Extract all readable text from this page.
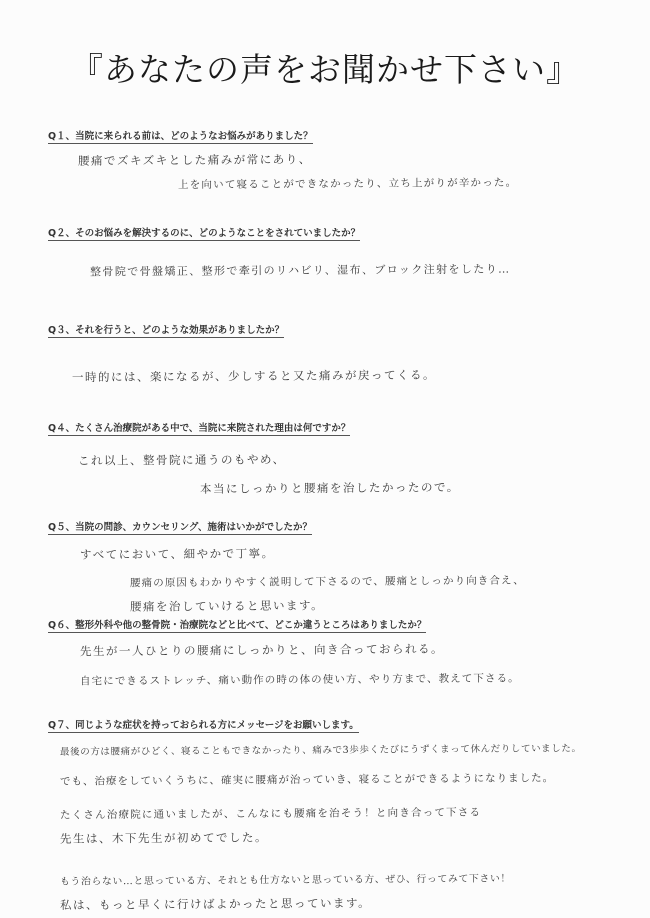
『あなたの声をお聞かせ下さい』
Q１、当院に来られる前は、どのようなお悩みがありました？
腰痛でズキズキとした痛みが常にあり、
上を向いて寝ることができなかったり、立ち上がりが辛かった。
Q２、そのお悩みを解決するのに、どのようなことをされていましたか？
整骨院で骨盤矯正、整形で牽引のリハビリ、湿布、ブロック注射をしたり…
Q３、それを行うと、どのような効果がありましたか？
一時的には、楽になるが、少しすると又た痛みが戻ってくる。
Q４、たくさん治療院がある中で、当院に来院された理由は何ですか？
これ以上、整骨院に通うのもやめ、
本当にしっかりと腰痛を治したかったので。
Q５、当院の問診、カウンセリング、施術はいかがでしたか？
すべてにおいて、細やかで丁寧。
腰痛の原因もわかりやすく説明して下さるので、腰痛としっかり向き合え、
腰痛を治していけると思います。
Q６、整形外科や他の整骨院・治療院などと比べて、どこか違うところはありましたか？
先生が一人ひとりの腰痛にしっかりと、向き合っておられる。
自宅にできるストレッチ、痛い動作の時の体の使い方、やり方まで、教えて下さる。
Q７、同じような症状を持っておられる方にメッセージをお願いします。
最後の方は腰痛がひどく、寝ることもできなかったり、痛みで3歩歩くたびにうずくまって休んだりしていました。
でも、治療をしていくうちに、確実に腰痛が治っていき、寝ることができるようになりました。
たくさん治療院に通いましたが、こんなにも腰痛を治そう！と向き合って下さる
先生は、木下先生が初めてでした。
もう治らない…と思っている方、それとも仕方ないと思っている方、ぜひ、行ってみて下さい！
私は、もっと早くに行けばよかったと思っています。
